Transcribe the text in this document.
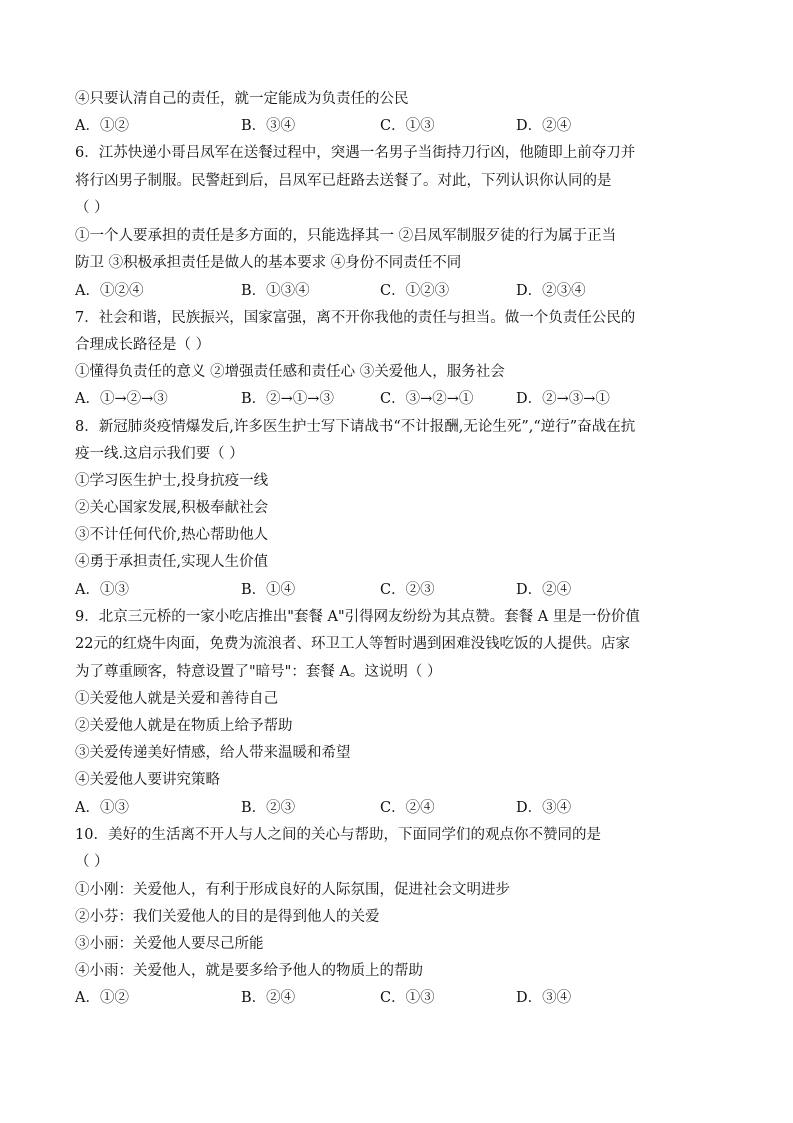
④只要认清自己的责任，就一定能成为负责任的公民
A．①②	B．③④	C．①③	D．②④
6．江苏快递小哥吕凤军在送餐过程中，突遇一名男子当街持刀行凶，他随即上前夺刀并
将行凶男子制服。民警赶到后，吕凤军已赶路去送餐了。对此，下列认识你认同的是
（ ）
①一个人要承担的责任是多方面的，只能选择其一 ②吕凤军制服歹徒的行为属于正当
防卫 ③积极承担责任是做人的基本要求 ④身份不同责任不同
A．①②④	B．①③④	C．①②③	D．②③④
7．社会和谐，民族振兴，国家富强，离不开你我他的责任与担当。做一个负责任公民的
合理成长路径是（ ）
①懂得负责任的意义 ②增强责任感和责任心 ③关爱他人，服务社会
A．①→②→③	B．②→①→③	C．③→②→①	D．②→③→①
8．新冠肺炎疫情爆发后,许多医生护士写下请战书“不计报酬,无论生死”,“逆行”奋战在抗
疫一线.这启示我们要（ ）
①学习医生护士,投身抗疫一线
②关心国家发展,积极奉献社会
③不计任何代价,热心帮助他人
④勇于承担责任,实现人生价值
A．①③	B．①④	C．②③	D．②④
9．北京三元桥的一家小吃店推出"套餐 A"引得网友纷纷为其点赞。套餐 A 里是一份价值
22元的红烧牛肉面，免费为流浪者、环卫工人等暂时遇到困难没钱吃饭的人提供。店家
为了尊重顾客，特意设置了"暗号"：套餐 A。这说明（ ）
①关爱他人就是关爱和善待自己
②关爱他人就是在物质上给予帮助
③关爱传递美好情感，给人带来温暖和希望
④关爱他人要讲究策略
A．①③	B．②③	C．②④	D．③④
10．美好的生活离不开人与人之间的关心与帮助，下面同学们的观点你不赞同的是
（ ）
①小刚：关爱他人，有利于形成良好的人际氛围，促进社会文明进步
②小芬：我们关爱他人的目的是得到他人的关爱
③小丽：关爱他人要尽己所能
④小雨：关爱他人，就是要多给予他人的物质上的帮助
A．①②	B．②④	C．①③	D．③④
